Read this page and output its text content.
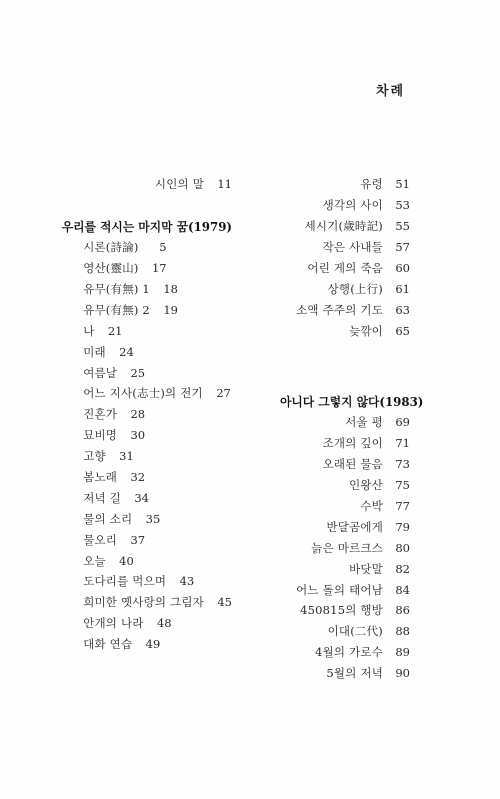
차례
시인의 말	11
우리를 적시는 마지막 꿈(1979)
시론(詩論)	5
영산(靈山)	17
유무(有無) 1	18
유무(有無) 2	19
나	21
미래	24
여름날	25
어느 지사(志士)의 전기	27
진혼가	28
묘비명	30
고향	31
봄노래	32
저녁 길	34
물의 소리	35
물오리	37
오늘	40
도다리를 먹으며	43
희미한 옛사랑의 그림자	45
안개의 나라	48
대화 연습	49
유령	51
생각의 사이	53
세시기(歲時記)	55
작은 사내들	57
어린 게의 죽음	60
상행(上行)	61
소액 주주의 기도	63
늦깎이	65
아니다 그렇지 않다(1983)
서울 평	69
조개의 깊이	71
오래된 물음	73
인왕산	75
수박	77
반달곰에게	79
늙은 마르크스	80
바닷말	82
어느 돌의 태어남	84
450815의 행방	86
이대(二代)	88
4월의 가로수	89
5월의 저녁	90
